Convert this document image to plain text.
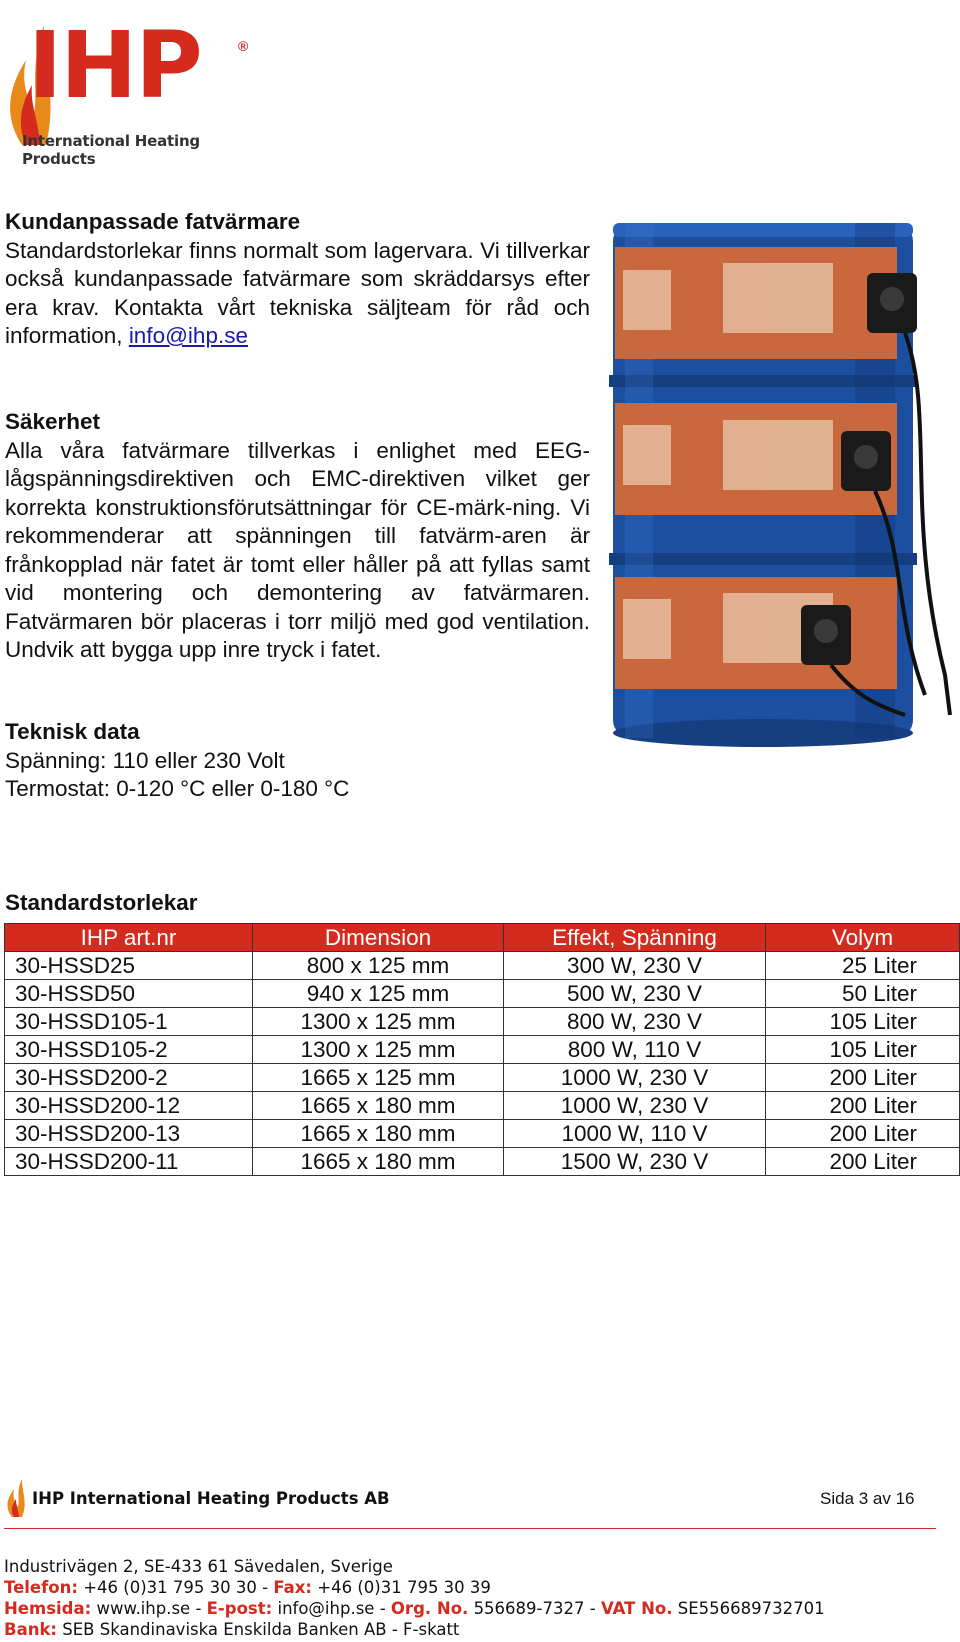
IHP	®
International Heating Products
Kundanpassade fatvärmare

Standardstorlekar finns normalt som lagervara. Vi tillverkar också kundanpassade fatvärmare som skräddarsys efter era krav. Kontakta vårt tekniska säljteam för råd och information, info@ihp.se

Säkerhet

Alla våra fatvärmare tillverkas i enlighet med EEG-lågspänningsdirektiven och EMC-direktiven vilket ger korrekta konstruktionsförutsättningar för CE-märk-ning. Vi rekommenderar att spänningen till fatvärm-aren är frånkopplad när fatet är tomt eller håller på att fyllas samt vid montering och demontering av fatvärmaren. Fatvärmaren bör placeras i torr miljö med god ventilation. Undvik att bygga upp inre tryck i fatet.

Teknisk data
Spänning: 110 eller 230 Volt
Termostat: 0-120 °C eller 0-180 °C
Standardstorlekar
IHP art.nr	Dimension	Effekt, Spänning	Volym
30-HSSD25	800 x 125 mm	300 W, 230 V	25 Liter
30-HSSD50	940 x 125 mm	500 W, 230 V	50 Liter
30-HSSD105-1	1300 x 125 mm	800 W, 230 V	105 Liter
30-HSSD105-2	1300 x 125 mm	800 W, 110 V	105 Liter
30-HSSD200-2	1665 x 125 mm	1000 W, 230 V	200 Liter
30-HSSD200-12	1665 x 180 mm	1000 W, 230 V	200 Liter
30-HSSD200-13	1665 x 180 mm	1000 W, 110 V	200 Liter
30-HSSD200-11	1665 x 180 mm	1500 W, 230 V	200 Liter
IHP International Heating Products AB	Sida 3 av 16
Industrivägen 2, SE-433 61 Sävedalen, Sverige
Telefon: +46 (0)31 795 30 30 - Fax: +46 (0)31 795 30 39
Hemsida: www.ihp.se - E-post: info@ihp.se - Org. No. 556689-7327 - VAT No. SE556689732701
Bank: SEB Skandinaviska Enskilda Banken AB - F-skatt
